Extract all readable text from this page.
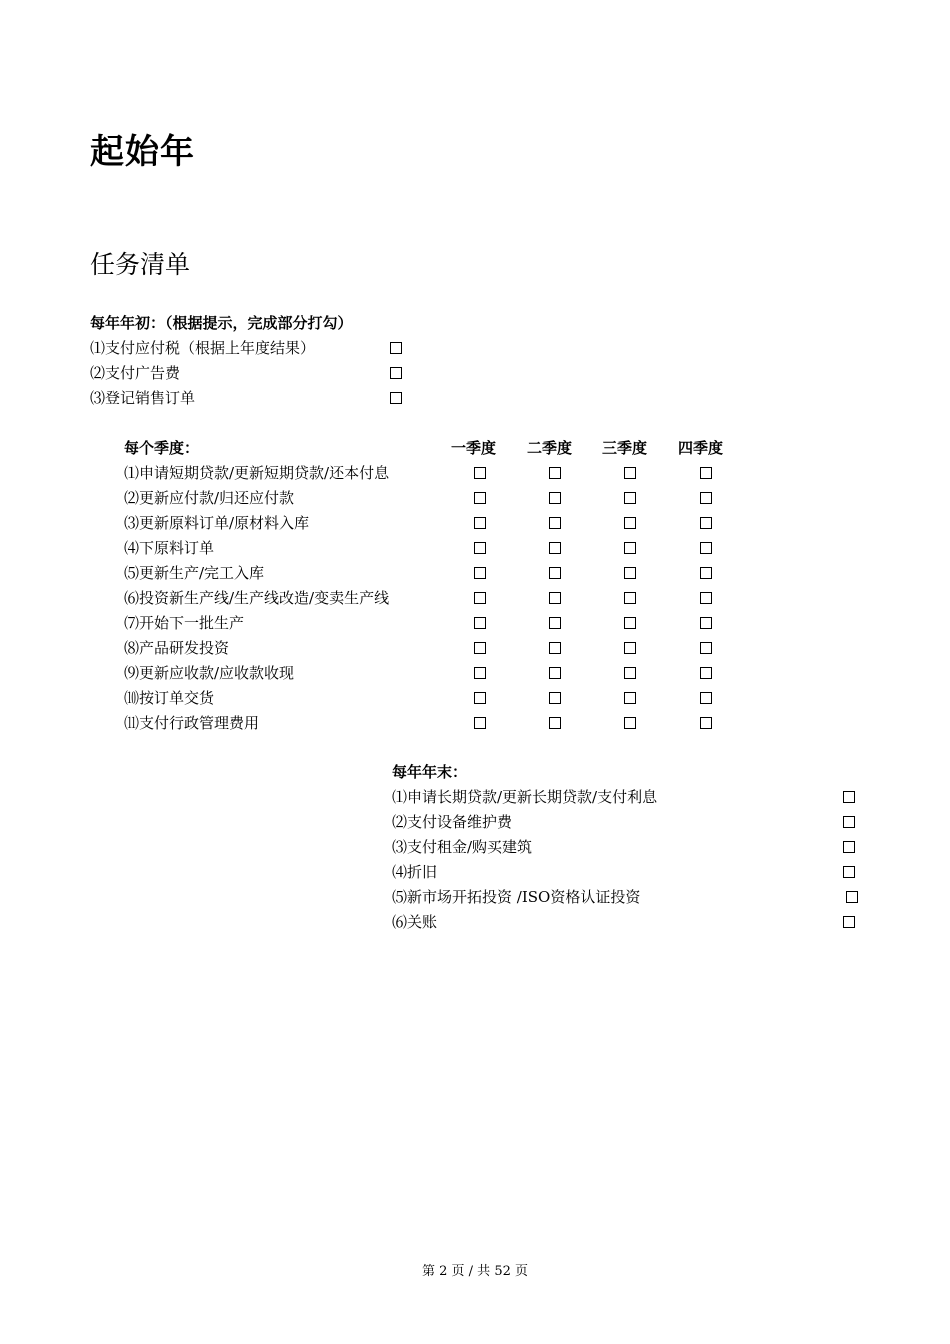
起始年
任务清单
每年年初：（根据提示，完成部分打勾）
⑴支付应付税（根据上年度结果）
⑵支付广告费
⑶登记销售订单
每个季度：	一季度 二季度 三季度 四季度
⑴申请短期贷款/更新短期贷款/还本付息
⑵更新应付款/归还应付款
⑶更新原料订单/原材料入库
⑷下原料订单
⑸更新生产/完工入库
⑹投资新生产线/生产线改造/变卖生产线
⑺开始下一批生产
⑻产品研发投资
⑼更新应收款/应收款收现
⑽按订单交货
⑾支付行政管理费用
每年年末：
⑴申请长期贷款/更新长期贷款/支付利息
⑵支付设备维护费
⑶支付租金/购买建筑
⑷折旧
⑸新市场开拓投资 /ISO资格认证投资
⑹关账
第 2 页 / 共 52 页
